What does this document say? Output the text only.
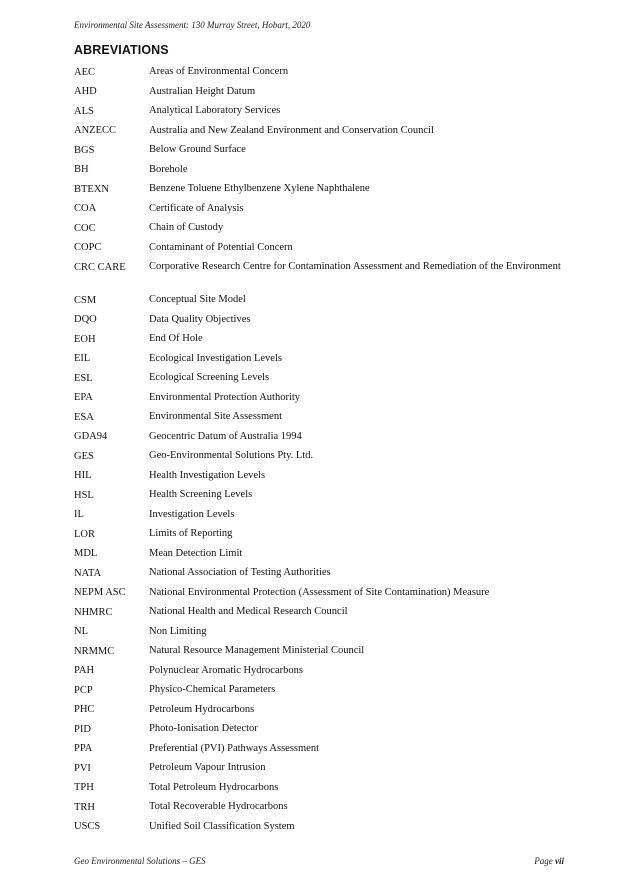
Environmental Site Assessment: 130 Murray Street, Hobart, 2020
ABREVIATIONS
AEC	Areas of Environmental Concern
AHD	Australian Height Datum
ALS	Analytical Laboratory Services
ANZECC	Australia and New Zealand Environment and Conservation Council
BGS	Below Ground Surface
BH	Borehole
BTEXN	Benzene Toluene Ethylbenzene Xylene Naphthalene
COA	Certificate of Analysis
COC	Chain of Custody
COPC	Contaminant of Potential Concern
CRC CARE	Corporative Research Centre for Contamination Assessment and Remediation of the Environment
CSM	Conceptual Site Model
DQO	Data Quality Objectives
EOH	End Of Hole
EIL	Ecological Investigation Levels
ESL	Ecological Screening Levels
EPA	Environmental Protection Authority
ESA	Environmental Site Assessment
GDA94	Geocentric Datum of Australia 1994
GES	Geo-Environmental Solutions Pty. Ltd.
HIL	Health Investigation Levels
HSL	Health Screening Levels
IL	Investigation Levels
LOR	Limits of Reporting
MDL	Mean Detection Limit
NATA	National Association of Testing Authorities
NEPM ASC	National Environmental Protection (Assessment of Site Contamination) Measure
NHMRC	National Health and Medical Research Council
NL	Non Limiting
NRMMC	Natural Resource Management Ministerial Council
PAH	Polynuclear Aromatic Hydrocarbons
PCP	Physico-Chemical Parameters
PHC	Petroleum Hydrocarbons
PID	Photo-Ionisation Detector
PPA	Preferential (PVI) Pathways Assessment
PVI	Petroleum Vapour Intrusion
TPH	Total Petroleum Hydrocarbons
TRH	Total Recoverable Hydrocarbons
USCS	Unified Soil Classification System
Geo Environmental Solutions – GES	Page vii
